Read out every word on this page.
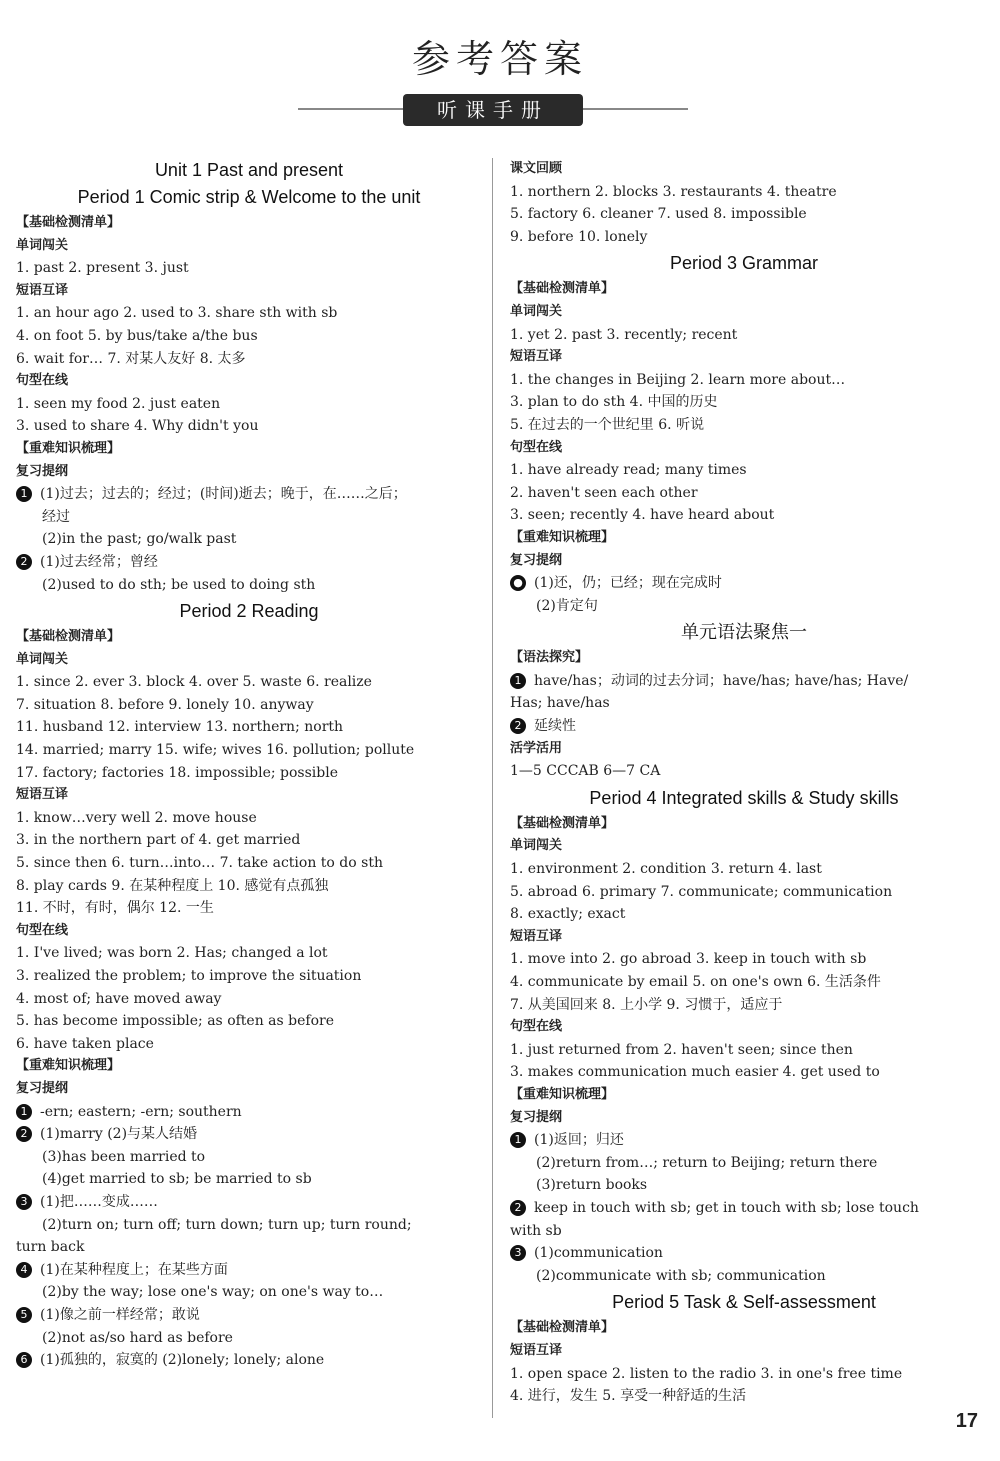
参考答案
听课手册
Unit 1 Past and present
Period 1 Comic strip & Welcome to the unit
【基础检测清单】
单词闯关
1. past 2. present 3. just
短语互译
1. an hour ago 2. used to 3. share sth with sb
4. on foot 5. by bus/take a/the bus
6. wait for… 7. 对某人友好 8. 太多
句型在线
1. seen my food 2. just eaten
3. used to share 4. Why didn't you
【重难知识梳理】
复习提纲
1 (1)过去；过去的；经过；(时间)逝去；晚于，在……之后；
经过
(2)in the past; go/walk past
2 (1)过去经常；曾经
(2)used to do sth; be used to doing sth
Period 2 Reading
【基础检测清单】
单词闯关
1. since 2. ever 3. block 4. over 5. waste 6. realize
7. situation 8. before 9. lonely 10. anyway
11. husband 12. interview 13. northern; north
14. married; marry 15. wife; wives 16. pollution; pollute
17. factory; factories 18. impossible; possible
短语互译
1. know…very well 2. move house
3. in the northern part of 4. get married
5. since then 6. turn…into… 7. take action to do sth
8. play cards 9. 在某种程度上 10. 感觉有点孤独
11. 不时，有时，偶尔 12. 一生
句型在线
1. I've lived; was born 2. Has; changed a lot
3. realized the problem; to improve the situation
4. most of; have moved away
5. has become impossible; as often as before
6. have taken place
【重难知识梳理】
复习提纲
1 -ern; eastern; -ern; southern
2 (1)marry (2)与某人结婚
(3)has been married to
(4)get married to sb; be married to sb
3 (1)把……变成……
(2)turn on; turn off; turn down; turn up; turn round;
turn back
4 (1)在某种程度上；在某些方面
(2)by the way; lose one's way; on one's way to…
5 (1)像之前一样经常；敢说
(2)not as/so hard as before
6 (1)孤独的，寂寞的 (2)lonely; lonely; alone
课文回顾
1. northern 2. blocks 3. restaurants 4. theatre
5. factory 6. cleaner 7. used 8. impossible
9. before 10. lonely
Period 3 Grammar
【基础检测清单】
单词闯关
1. yet 2. past 3. recently; recent
短语互译
1. the changes in Beijing 2. learn more about…
3. plan to do sth 4. 中国的历史
5. 在过去的一个世纪里 6. 听说
句型在线
1. have already read; many times
2. haven't seen each other
3. seen; recently 4. have heard about
【重难知识梳理】
复习提纲
● (1)还，仍；已经；现在完成时
(2)肯定句
单元语法聚焦一
【语法探究】
1 have/has；动词的过去分词；have/has; have/has; Have/
Has; have/has
2 延续性
活学活用
1—5 CCCAB 6—7 CA
Period 4 Integrated skills & Study skills
【基础检测清单】
单词闯关
1. environment 2. condition 3. return 4. last
5. abroad 6. primary 7. communicate; communication
8. exactly; exact
短语互译
1. move into 2. go abroad 3. keep in touch with sb
4. communicate by email 5. on one's own 6. 生活条件
7. 从美国回来 8. 上小学 9. 习惯于，适应于
句型在线
1. just returned from 2. haven't seen; since then
3. makes communication much easier 4. get used to
【重难知识梳理】
复习提纲
1 (1)返回；归还
(2)return from…; return to Beijing; return there
(3)return books
2 keep in touch with sb; get in touch with sb; lose touch
with sb
3 (1)communication
(2)communicate with sb; communication
Period 5 Task & Self-assessment
【基础检测清单】
短语互译
1. open space 2. listen to the radio 3. in one's free time
4. 进行，发生 5. 享受一种舒适的生活
17
